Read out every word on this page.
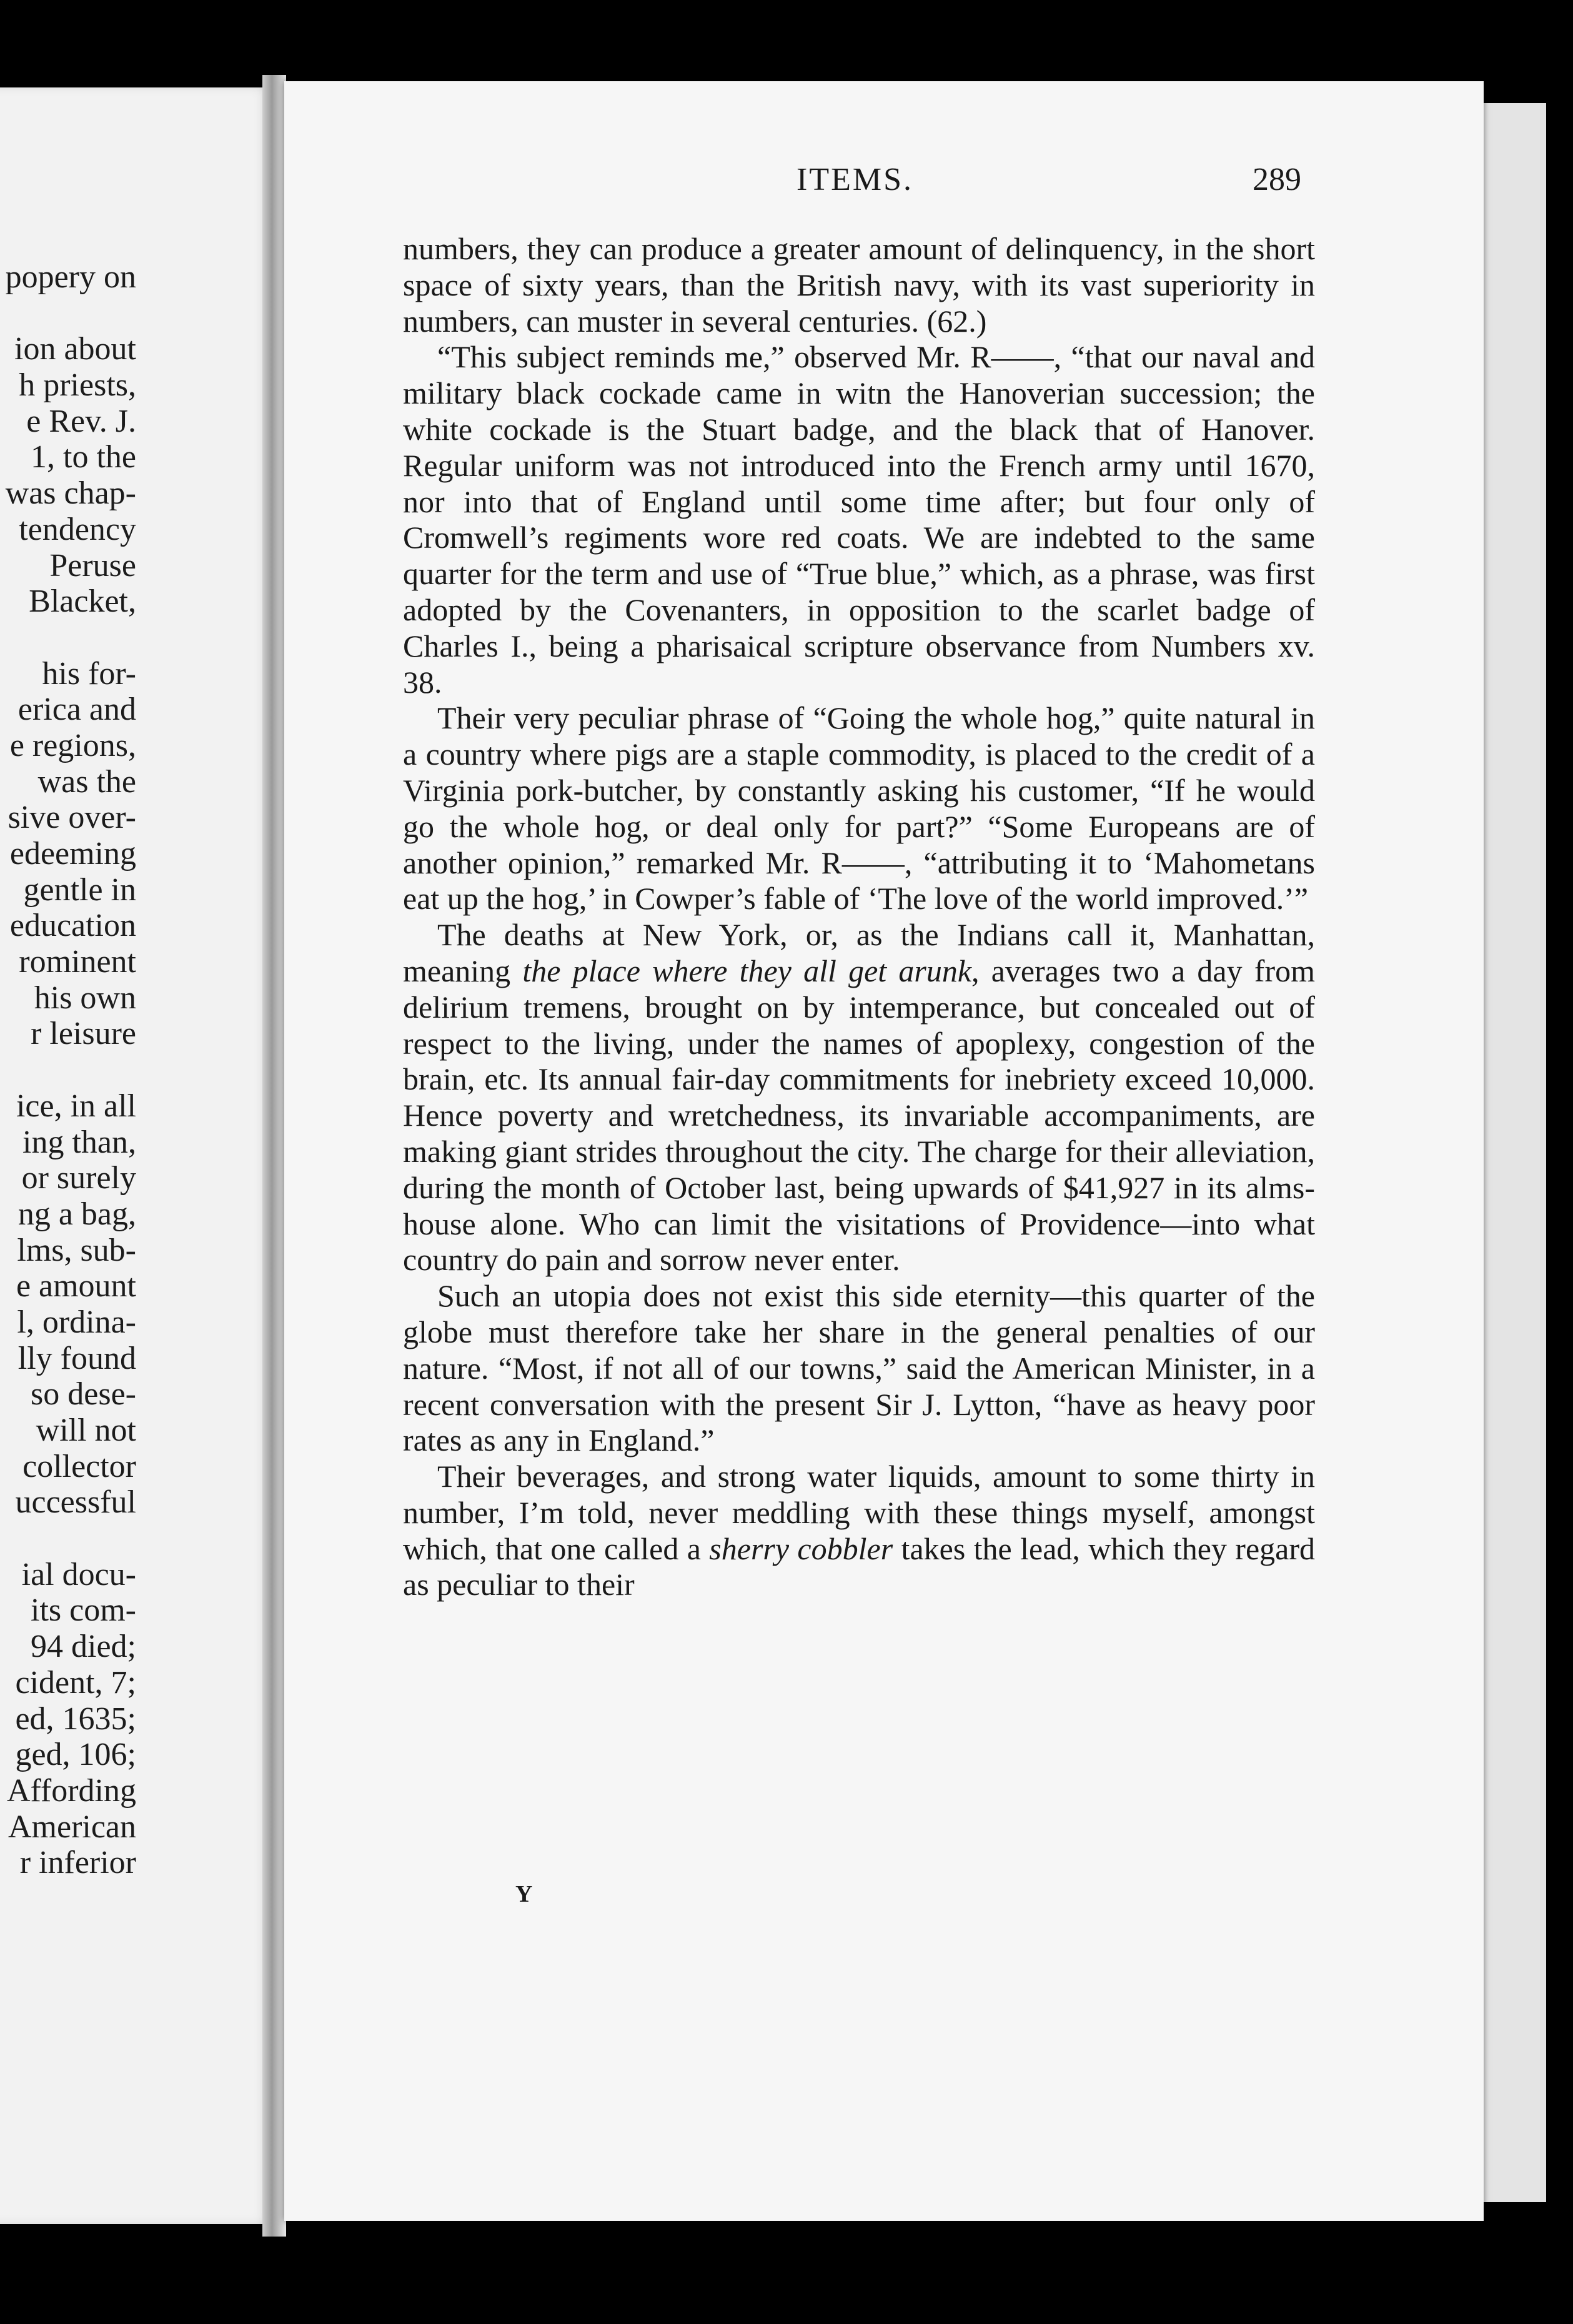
popery on
ion about
h priests,
e Rev. J.
1, to the
was chap-
tendency
Peruse
Blacket,
his for-
erica and
e regions,
was the
sive over-
edeeming
gentle in
education
rominent
his own
r leisure
ice, in all
ing than,
or surely
ng a bag,
lms, sub-
e amount
l, ordina-
lly found
so dese-
will not
collector
uccessful
ial docu-
its com-
94 died;
cident, 7;
ed, 1635;
ged, 106;
Affording
American
r inferior
ITEMS.	289

numbers, they can produce a greater amount of delinquency, in the short space of sixty years, than the British navy, with its vast superiority in numbers, can muster in several centuries. (62.)

“This subject reminds me,” observed Mr. R——, “that our naval and military black cockade came in witn the Hanoverian succession; the white cockade is the Stuart badge, and the black that of Hanover. Regular uniform was not introduced into the French army until 1670, nor into that of England until some time after; but four only of Cromwell’s regiments wore red coats. We are indebted to the same quarter for the term and use of “True blue,” which, as a phrase, was first adopted by the Covenanters, in opposition to the scarlet badge of Charles I., being a pharisaical scripture observance from Numbers xv. 38.

Their very peculiar phrase of “Going the whole hog,” quite natural in a country where pigs are a staple commodity, is placed to the credit of a Virginia pork-butcher, by constantly asking his customer, “If he would go the whole hog, or deal only for part?” “Some Europeans are of another opinion,” remarked Mr. R——, “attributing it to ‘Mahometans eat up the hog,’ in Cowper’s fable of ‘The love of the world improved.’”

The deaths at New York, or, as the Indians call it, Manhattan, meaning the place where they all get arunk, averages two a day from delirium tremens, brought on by intemperance, but concealed out of respect to the living, under the names of apoplexy, congestion of the brain, etc. Its annual fair-day commitments for inebriety exceed 10,000. Hence poverty and wretchedness, its invariable accompaniments, are making giant strides throughout the city. The charge for their alleviation, during the month of October last, being upwards of $41,927 in its alms-house alone. Who can limit the visitations of Providence—into what country do pain and sorrow never enter.

Such an utopia does not exist this side eternity—this quarter of the globe must therefore take her share in the general penalties of our nature. “Most, if not all of our towns,” said the American Minister, in a recent conversation with the present Sir J. Lytton, “have as heavy poor rates as any in England.”

Their beverages, and strong water liquids, amount to some thirty in number, I’m told, never meddling with these things myself, amongst which, that one called a sherry cobbler takes the lead, which they regard as peculiar to their

Y
